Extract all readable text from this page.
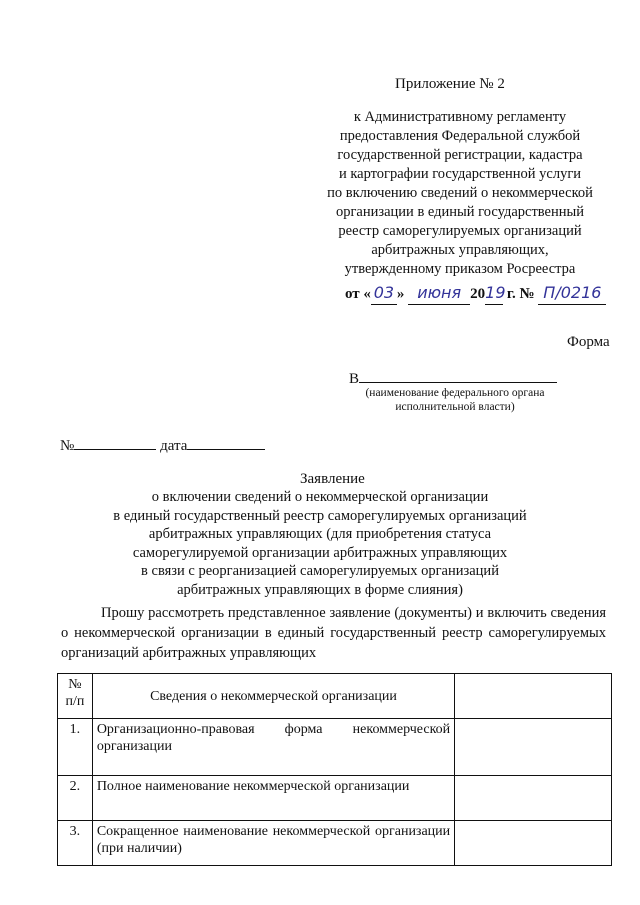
Приложение № 2
к Административному регламенту
предоставления Федеральной службой
государственной регистрации, кадастра
и картографии государственной услуги
по включению сведений о некоммерческой
организации в единый государственный
реестр саморегулируемых организаций
арбитражных управляющих,
утвержденному приказом Росреестра
от « 03 » июня 2019 г. № П/0216
Форма
В
(наименование федерального органа исполнительной власти)
№	дата
Заявление
о включении сведений о некоммерческой организации
в единый государственный реестр саморегулируемых организаций
арбитражных управляющих (для приобретения статуса
саморегулируемой организации арбитражных управляющих
в связи с реорганизацией саморегулируемых организаций
арбитражных управляющих в форме слияния)
Прошу рассмотреть представленное заявление (документы) и включить сведения о некоммерческой организации в единый государственный реестр саморегулируемых организаций арбитражных управляющих
№ п/п	Сведения о некоммерческой организации	
1.	Организационно-правовая форма некоммерческой организации	
2.	Полное наименование некоммерческой организации	
3.	Сокращенное наименование некоммерческой организации (при наличии)	
